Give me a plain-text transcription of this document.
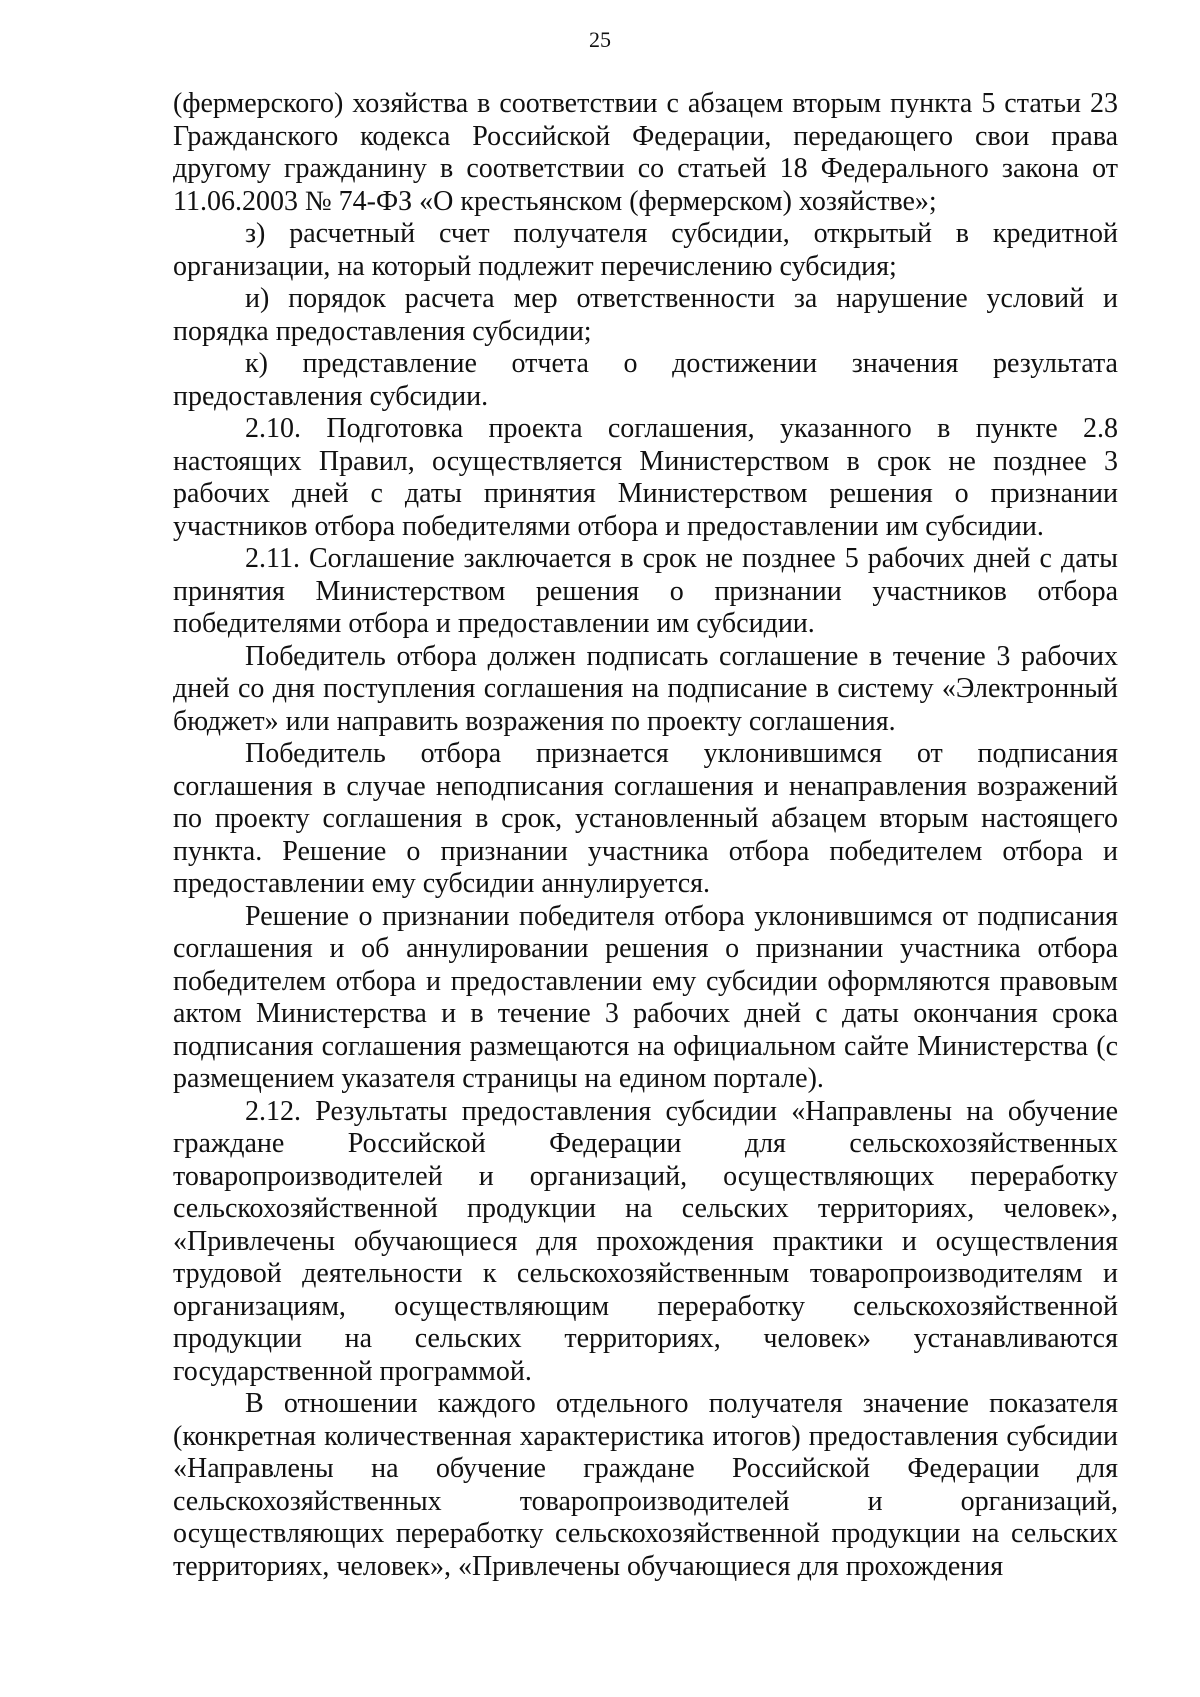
25

(фермерского) хозяйства в соответствии с абзацем вторым пункта 5 статьи 23 Гражданского кодекса Российской Федерации, передающего свои права другому гражданину в соответствии со статьей 18 Федерального закона от 11.06.2003 № 74-ФЗ «О крестьянском (фермерском) хозяйстве»;

з) расчетный счет получателя субсидии, открытый в кредитной организации, на который подлежит перечислению субсидия;

и) порядок расчета мер ответственности за нарушение условий и порядка предоставления субсидии;

к) представление отчета о достижении значения результата предоставления субсидии.

2.10. Подготовка проекта соглашения, указанного в пункте 2.8 настоящих Правил, осуществляется Министерством в срок не позднее 3 рабочих дней с даты принятия Министерством решения о признании участников отбора победителями отбора и предоставлении им субсидии.

2.11. Соглашение заключается в срок не позднее 5 рабочих дней с даты принятия Министерством решения о признании участников отбора победителями отбора и предоставлении им субсидии.

Победитель отбора должен подписать соглашение в течение 3 рабочих дней со дня поступления соглашения на подписание в систему «Электронный бюджет» или направить возражения по проекту соглашения.

Победитель отбора признается уклонившимся от подписания соглашения в случае неподписания соглашения и ненаправления возражений по проекту соглашения в срок, установленный абзацем вторым настоящего пункта. Решение о признании участника отбора победителем отбора и предоставлении ему субсидии аннулируется.

Решение о признании победителя отбора уклонившимся от подписания соглашения и об аннулировании решения о признании участника отбора победителем отбора и предоставлении ему субсидии оформляются правовым актом Министерства и в течение 3 рабочих дней с даты окончания срока подписания соглашения размещаются на официальном сайте Министерства (с размещением указателя страницы на едином портале).

2.12. Результаты предоставления субсидии «Направлены на обучение граждане Российской Федерации для сельскохозяйственных товаропроизводителей и организаций, осуществляющих переработку сельскохозяйственной продукции на сельских территориях, человек», «Привлечены обучающиеся для прохождения практики и осуществления трудовой деятельности к сельскохозяйственным товаропроизводителям и организациям, осуществляющим переработку сельскохозяйственной продукции на сельских территориях, человек» устанавливаются государственной программой.

В отношении каждого отдельного получателя значение показателя (конкретная количественная характеристика итогов) предоставления субсидии «Направлены на обучение граждане Российской Федерации для сельскохозяйственных товаропроизводителей и организаций, осуществляющих переработку сельскохозяйственной продукции на сельских территориях, человек», «Привлечены обучающиеся для прохождения
